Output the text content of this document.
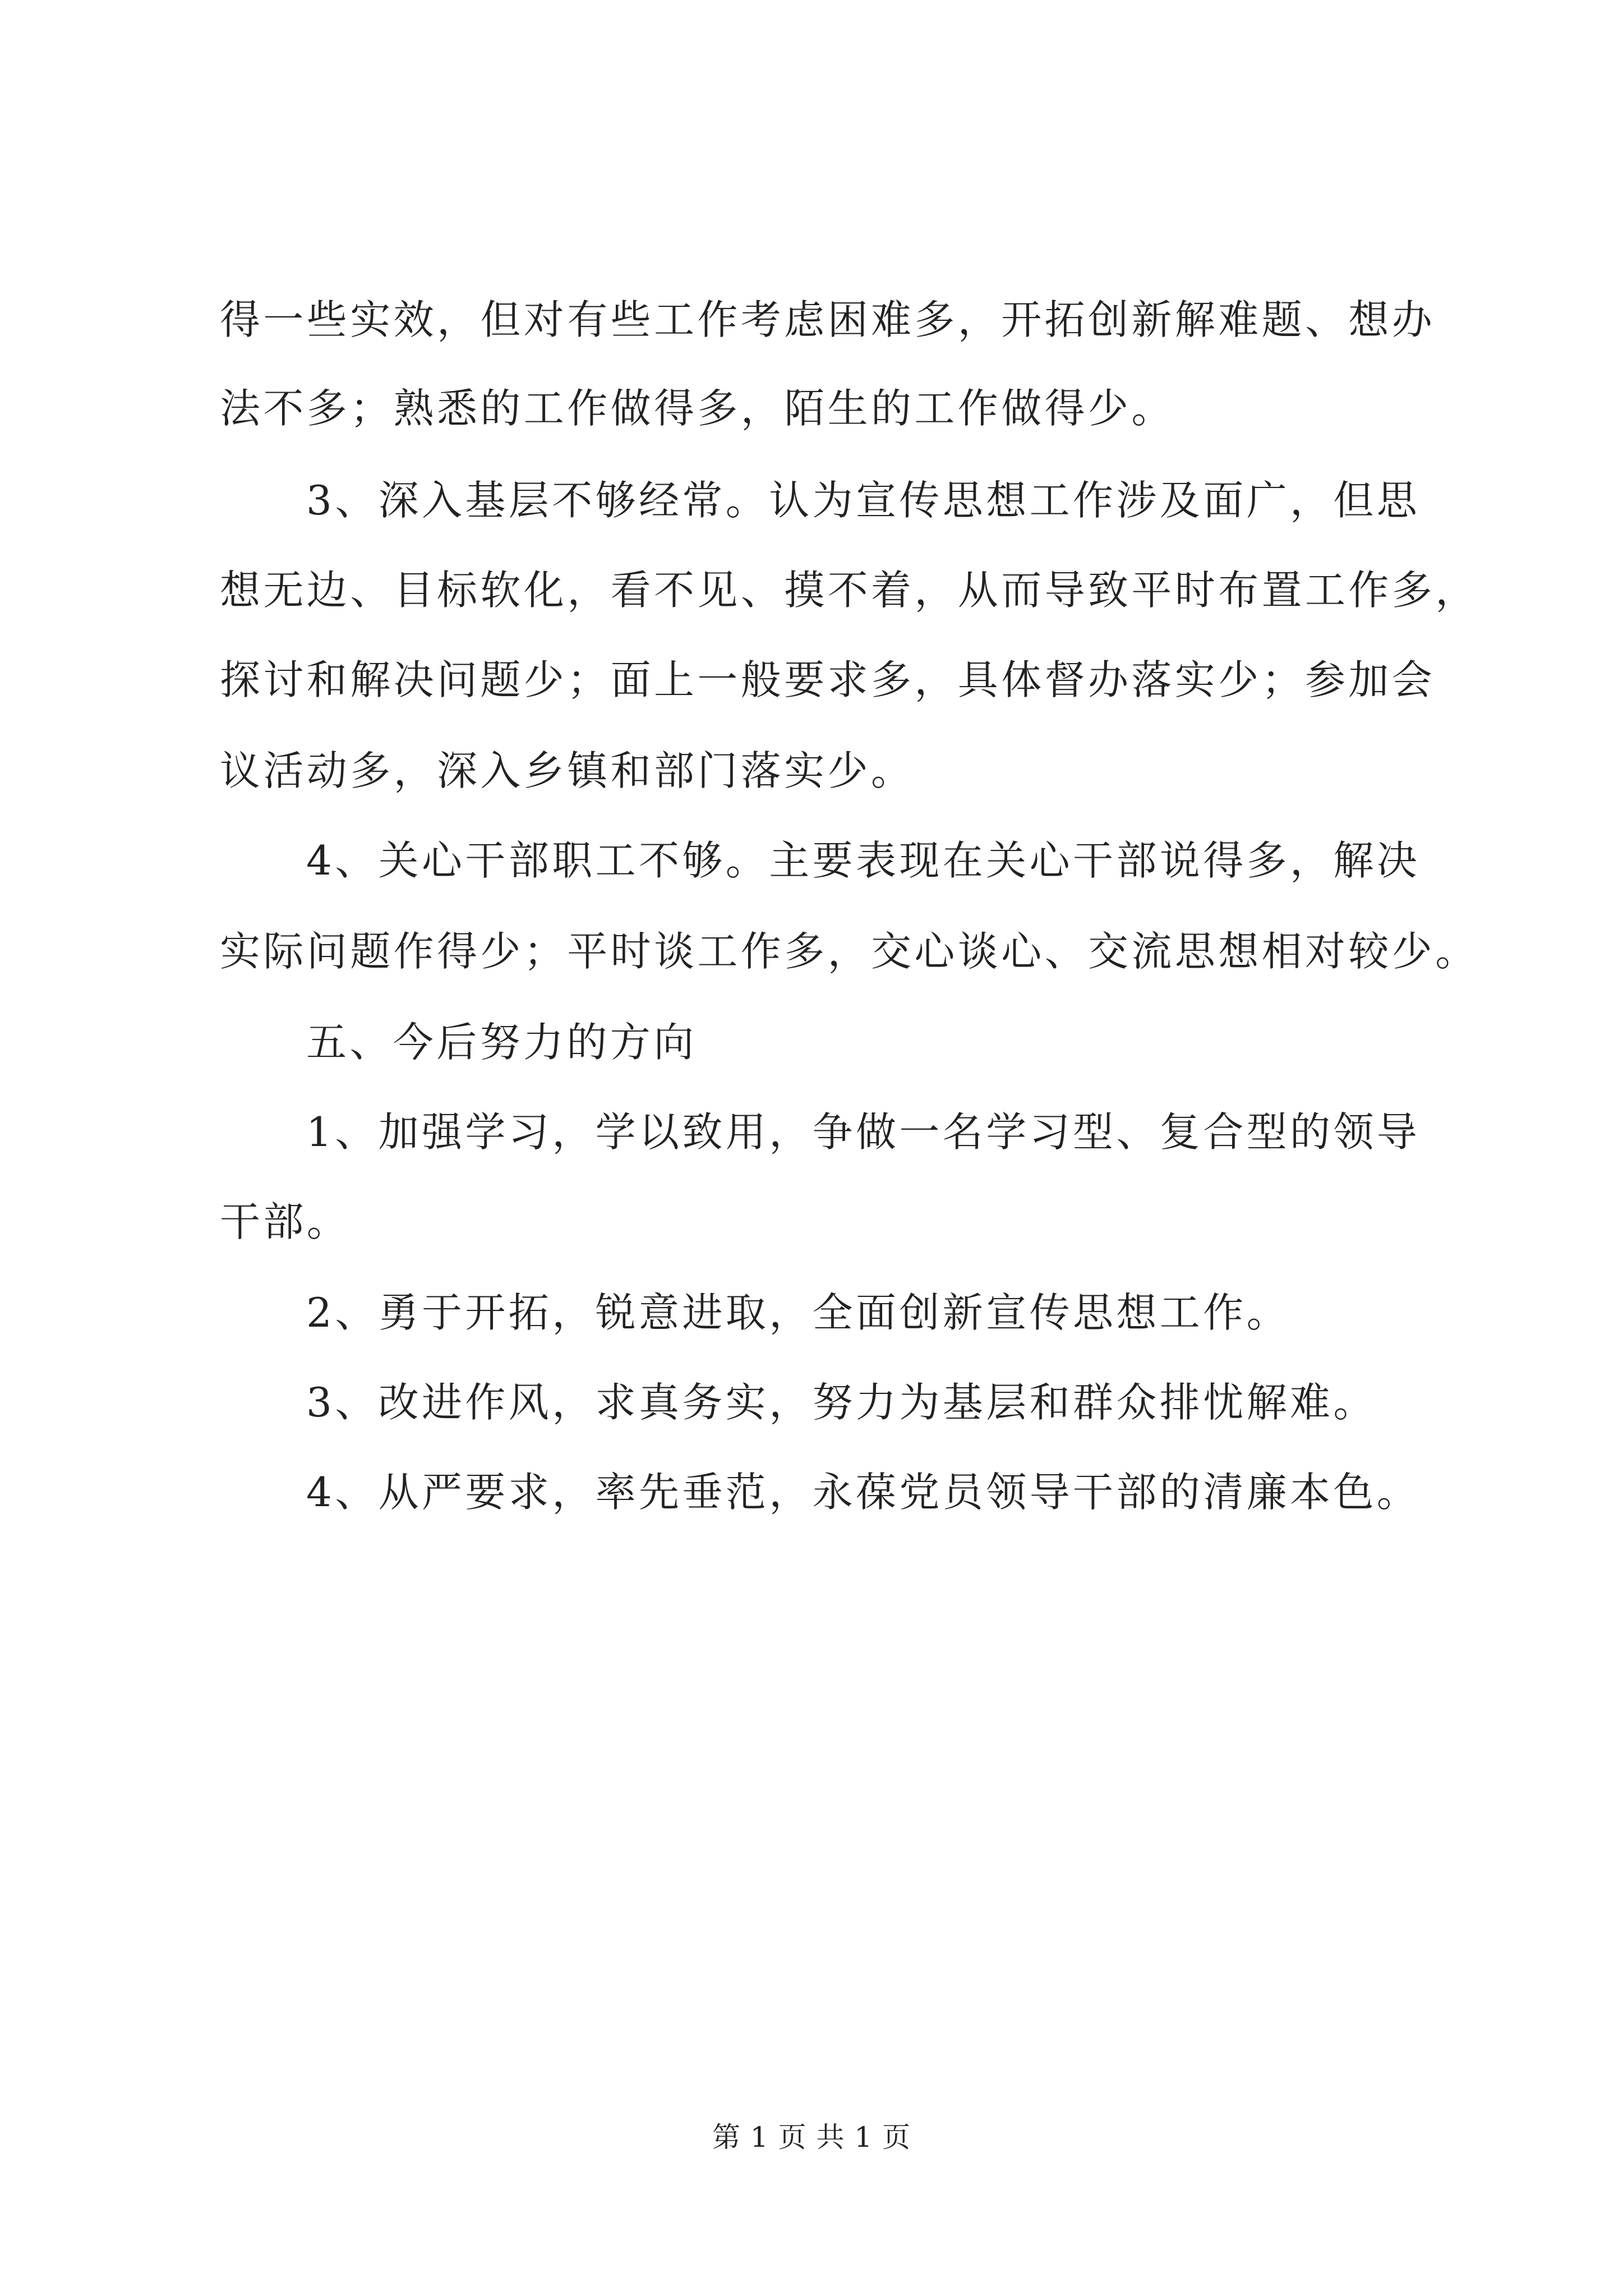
得一些实效，但对有些工作考虑困难多，开拓创新解难题、想办
法不多；熟悉的工作做得多，陌生的工作做得少。
3、深入基层不够经常。认为宣传思想工作涉及面广，但思
想无边、目标软化，看不见、摸不着，从而导致平时布置工作多，
探讨和解决问题少；面上一般要求多，具体督办落实少；参加会
议活动多，深入乡镇和部门落实少。
4、关心干部职工不够。主要表现在关心干部说得多，解决
实际问题作得少；平时谈工作多，交心谈心、交流思想相对较少。
五、今后努力的方向
1、加强学习，学以致用，争做一名学习型、复合型的领导
干部。
2、勇于开拓，锐意进取，全面创新宣传思想工作。
3、改进作风，求真务实，努力为基层和群众排忧解难。
4、从严要求，率先垂范，永葆党员领导干部的清廉本色。
第 1 页 共 1 页
